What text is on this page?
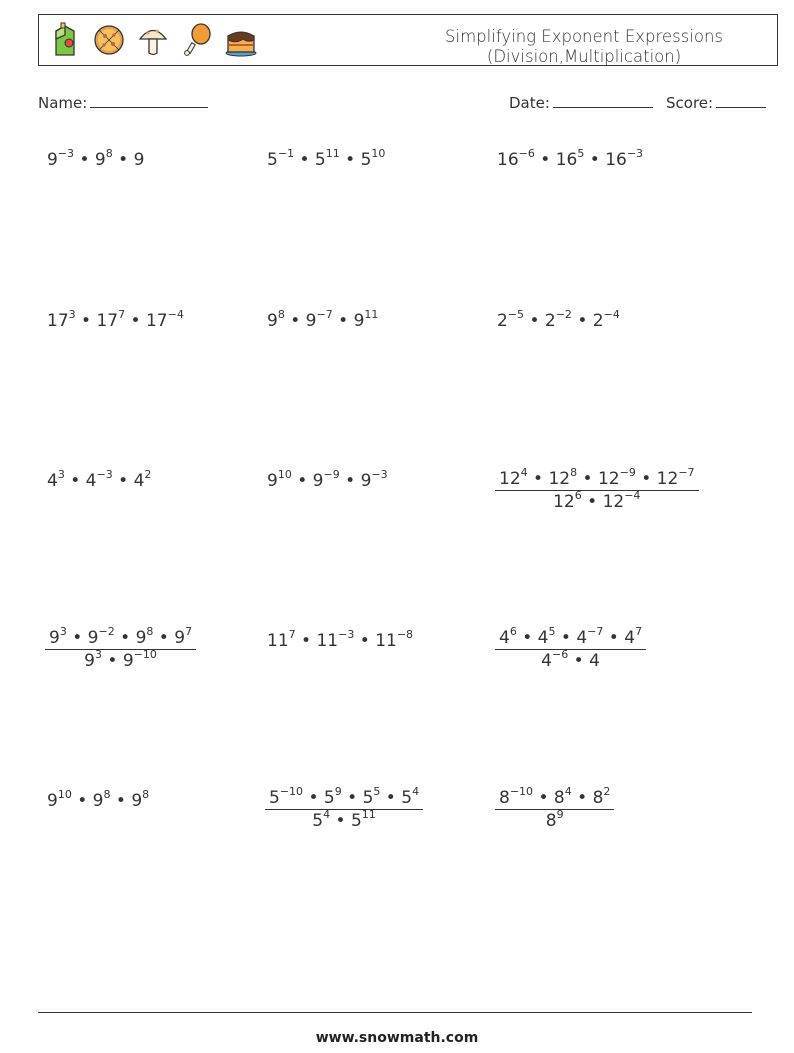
Simplifying Exponent Expressions
(Division,Multiplication)
Name:	Date:	Score:
$9^{-3}$ • $9^8$ • 9	$5^{-1}$ • $5^{11}$ • $5^{10}$	$16^{-6}$ • $16^5$ • $16^{-3}$
$17^3$ • $17^7$ • $17^{-4}$	$9^8$ • $9^{-7}$ • $9^{11}$	$2^{-5}$ • $2^{-2}$ • $2^{-4}$
$4^3$ • $4^{-3}$ • $4^2$	$9^{10}$ • $9^{-9}$ • $9^{-3}$	$\frac{12^4 • 12^8 • 12^{-9} • 12^{-7}}{12^6 • 12^{-4}}$
$\frac{9^3 • 9^{-2} • 9^8 • 9^7}{9^3 • 9^{-10}}$	$11^7$ • $11^{-3}$ • $11^{-8}$	$\frac{4^6 • 4^5 • 4^{-7} • 4^7}{4^{-6} • 4}$
$9^{10}$ • $9^8$ • $9^8$	$\frac{5^{-10} • 5^9 • 5^5 • 5^4}{5^4 • 5^{11}}$	$\frac{8^{-10} • 8^4 • 8^2}{8^9}$
www.snowmath.com
